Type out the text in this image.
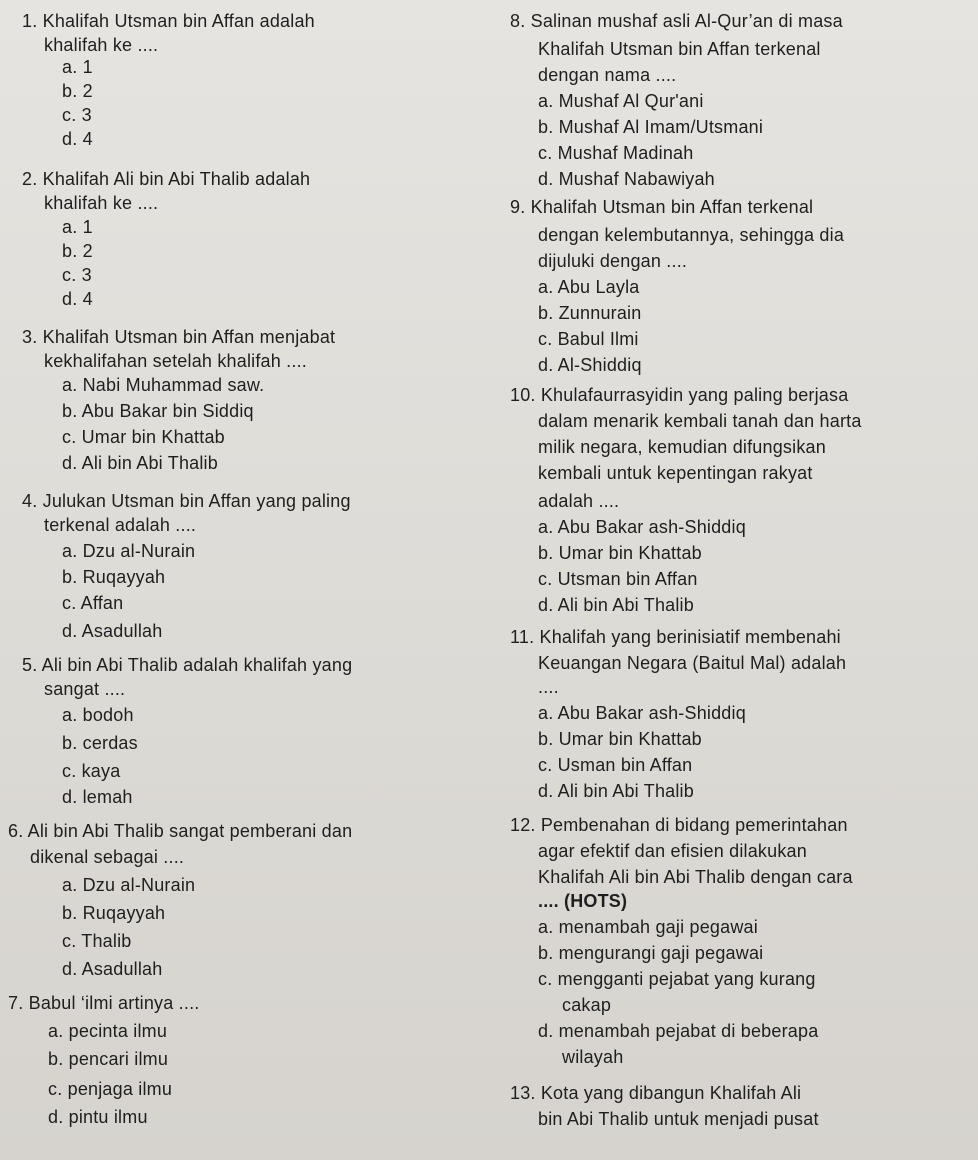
1. Khalifah Utsman bin Affan adalah
khalifah ke ....
a. 1
b. 2
c. 3
d. 4
2. Khalifah Ali bin Abi Thalib adalah
khalifah ke ....
a. 1
b. 2
c. 3
d. 4
3. Khalifah Utsman bin Affan menjabat
kekhalifahan setelah khalifah ....
a. Nabi Muhammad saw.
b. Abu Bakar bin Siddiq
c. Umar bin Khattab
d. Ali bin Abi Thalib
4. Julukan Utsman bin Affan yang paling
terkenal adalah ....
a. Dzu al-Nurain
b. Ruqayyah
c. Affan
d. Asadullah
5. Ali bin Abi Thalib adalah khalifah yang
sangat ....
a. bodoh
b. cerdas
c. kaya
d. lemah
6. Ali bin Abi Thalib sangat pemberani dan
dikenal sebagai ....
a. Dzu al-Nurain
b. Ruqayyah
c. Thalib
d. Asadullah
7. Babul ‘ilmi artinya ....
a. pecinta ilmu
b. pencari ilmu
c. penjaga ilmu
d. pintu ilmu
8. Salinan mushaf asli Al-Qur’an di masa
Khalifah Utsman bin Affan terkenal
dengan nama ....
a. Mushaf Al Qur'ani
b. Mushaf Al Imam/Utsmani
c. Mushaf Madinah
d. Mushaf Nabawiyah
9. Khalifah Utsman bin Affan terkenal
dengan kelembutannya, sehingga dia
dijuluki dengan ....
a. Abu Layla
b. Zunnurain
c. Babul Ilmi
d. Al-Shiddiq
10. Khulafaurrasyidin yang paling berjasa
dalam menarik kembali tanah dan harta
milik negara, kemudian difungsikan
kembali untuk kepentingan rakyat
adalah ....
a. Abu Bakar ash-Shiddiq
b. Umar bin Khattab
c. Utsman bin Affan
d. Ali bin Abi Thalib
11. Khalifah yang berinisiatif membenahi
Keuangan Negara (Baitul Mal) adalah
....
a. Abu Bakar ash-Shiddiq
b. Umar bin Khattab
c. Usman bin Affan
d. Ali bin Abi Thalib
12. Pembenahan di bidang pemerintahan
agar efektif dan efisien dilakukan
Khalifah Ali bin Abi Thalib dengan cara
.... (HOTS)
a. menambah gaji pegawai
b. mengurangi gaji pegawai
c. mengganti pejabat yang kurang
cakap
d. menambah pejabat di beberapa
wilayah
13. Kota yang dibangun Khalifah Ali
bin Abi Thalib untuk menjadi pusat
